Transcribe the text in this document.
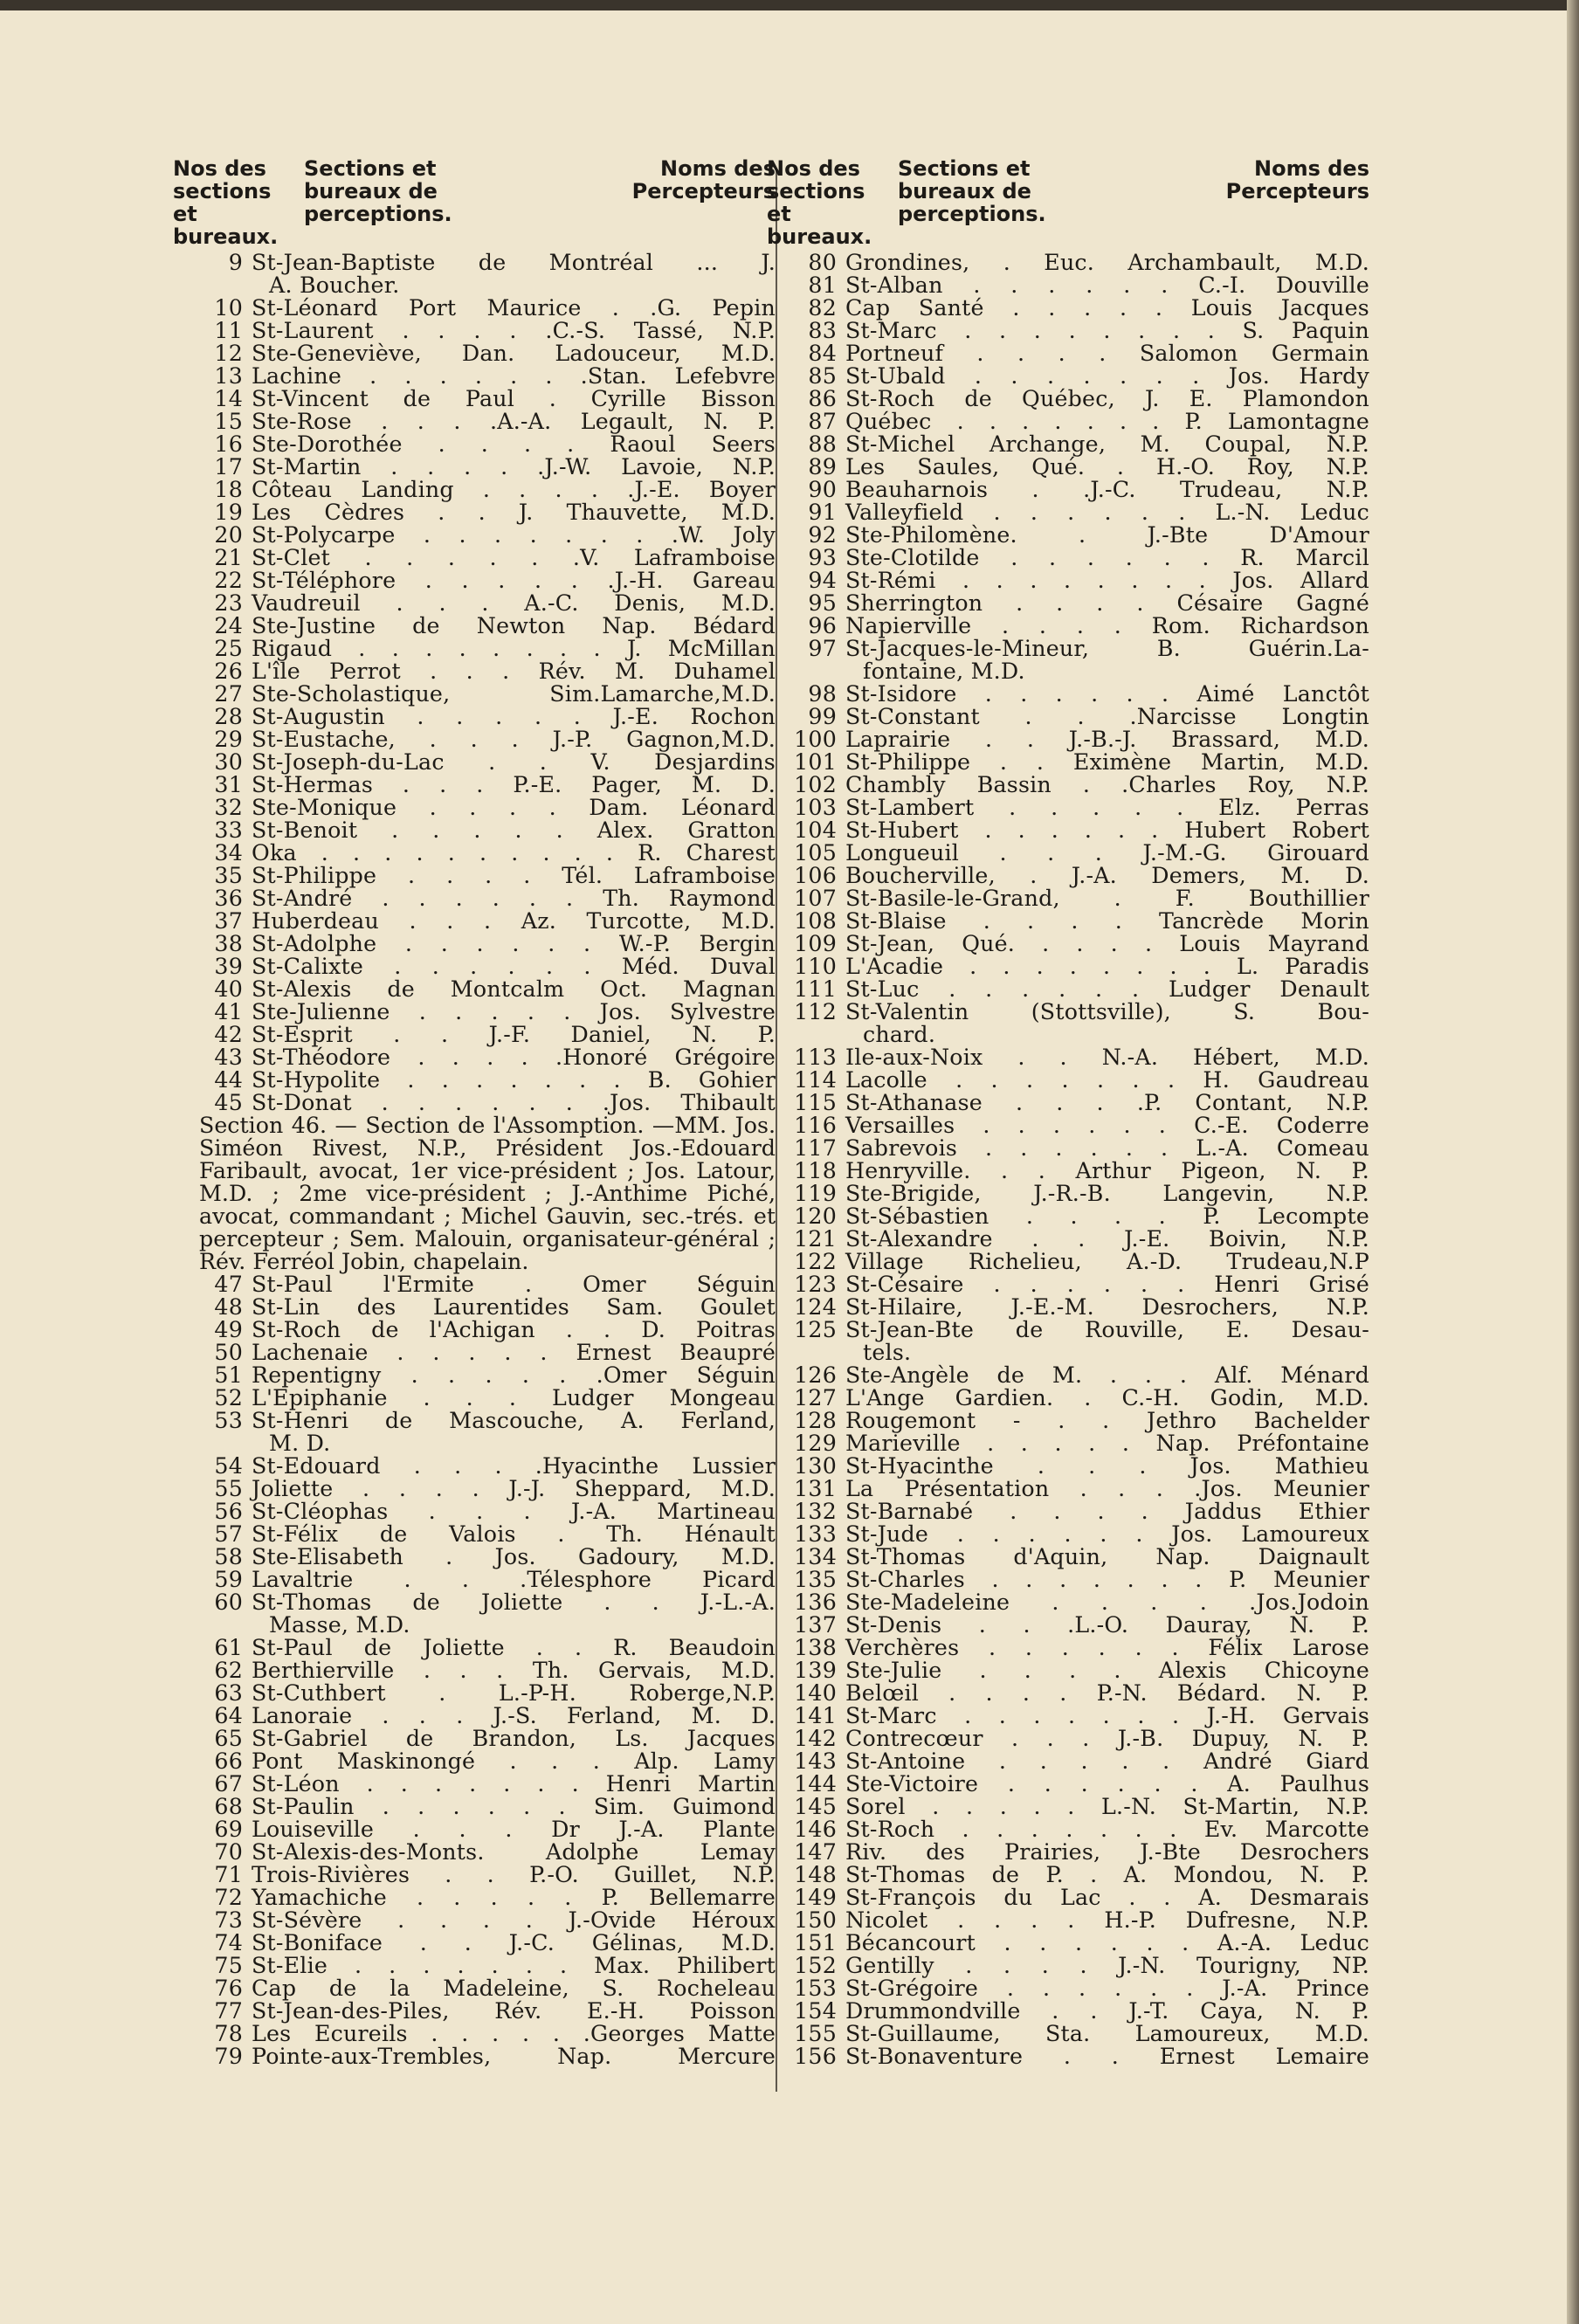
Nos des
sections
et bureaux.
Sections et
bureaux de
perceptions.
Noms des
Percepteurs
9 St-Jean-Baptiste de Montréal ... J.
A. Boucher.
10 St-Léonard Port Maurice . .G. Pepin
11 St-Laurent . . . . .C.-S. Tassé, N.P.
12 Ste-Geneviève, Dan. Ladouceur, M.D.
13 Lachine . . . . . . .Stan. Lefebvre
14 St-Vincent de Paul . Cyrille Bisson
15 Ste-Rose . . . .A.-A. Legault, N. P.
16 Ste-Dorothée . . . . Raoul Seers
17 St-Martin . . . . .J.-W. Lavoie, N.P.
18 Côteau Landing . . . . .J.-E. Boyer
19 Les Cèdres . . J. Thauvette, M.D.
20 St-Polycarpe . . . . . . . .W. Joly
21 St-Clet . . . . . .V. Laframboise
22 St-Téléphore . . . . . .J.-H. Gareau
23 Vaudreuil . . . A.-C. Denis, M.D.
24 Ste-Justine de Newton Nap. Bédard
25 Rigaud . . . . . . . . J. McMillan
26 L'île Perrot . . . Rév. M. Duhamel
27 Ste-Scholastique, Sim.Lamarche,M.D.
28 St-Augustin . . . . . J.-E. Rochon
29 St-Eustache, . . . J.-P. Gagnon,M.D.
30 St-Joseph-du-Lac . . V. Desjardins
31 St-Hermas . . . P.-E. Pager, M. D.
32 Ste-Monique . . . . Dam. Léonard
33 St-Benoit . . . . . Alex. Gratton
34 Oka . . . . . . . . . . R. Charest
35 St-Philippe . . . . Tél. Laframboise
36 St-André . . . . . . Th. Raymond
37 Huberdeau . . . Az. Turcotte, M.D.
38 St-Adolphe . . . . . . W.-P. Bergin
39 St-Calixte . . . . . . Méd. Duval
40 St-Alexis de Montcalm Oct. Magnan
41 Ste-Julienne . . . . . Jos. Sylvestre
42 St-Esprit . . J.-F. Daniel, N. P.
43 St-Théodore . . . . .Honoré Grégoire
44 St-Hypolite . . . . . . . B. Gohier
45 St-Donat . . . . . . .Jos. Thibault
Section 46. — Section de l'Assomption. —MM. Jos. Siméon Rivest, N.P., Président Jos.-Edouard Faribault, avocat, 1er vice-président ; Jos. Latour, M.D. ; 2me vice-président ; J.-Anthime Piché, avocat, commandant ; Michel Gauvin, sec.-trés. et percepteur ; Sem. Malouin, organisateur-général ; Rév. Ferréol Jobin, chapelain.
47 St-Paul l'Ermite . Omer Séguin
48 St-Lin des Laurentides Sam. Goulet
49 St-Roch de l'Achigan . . D. Poitras
50 Lachenaie . . . . . Ernest Beaupré
51 Repentigny . . . . . .Omer Séguin
52 L'Epiphanie . . . Ludger Mongeau
53 St-Henri de Mascouche, A. Ferland,
M. D.
54 St-Edouard . . . .Hyacinthe Lussier
55 Joliette . . . . J.-J. Sheppard, M.D.
56 St-Cléophas . . . J.-A. Martineau
57 St-Félix de Valois . Th. Hénault
58 Ste-Elisabeth . Jos. Gadoury, M.D.
59 Lavaltrie . . .Télesphore Picard
60 St-Thomas de Joliette . . J.-L.-A.
Masse, M.D.
61 St-Paul de Joliette . . R. Beaudoin
62 Berthierville . . . Th. Gervais, M.D.
63 St-Cuthbert . L.-P-H. Roberge,N.P.
64 Lanoraie . . . J.-S. Ferland, M. D.
65 St-Gabriel de Brandon, Ls. Jacques
66 Pont Maskinongé . . . Alp. Lamy
67 St-Léon . . . . . . . Henri Martin
68 St-Paulin . . . . . . Sim. Guimond
69 Louiseville . . . Dr J.-A. Plante
70 St-Alexis-des-Monts. Adolphe Lemay
71 Trois-Rivières . . P.-O. Guillet, N.P.
72 Yamachiche . . . . . P. Bellemarre
73 St-Sévère . . . . J.-Ovide Héroux
74 St-Boniface . . J.-C. Gélinas, M.D.
75 St-Elie . . . . . . . Max. Philibert
76 Cap de la Madeleine, S. Rocheleau
77 St-Jean-des-Piles, Rév. E.-H. Poisson
78 Les Ecureils . . . . . .Georges Matte
79 Pointe-aux-Trembles, Nap. Mercure
Nos des
sections
et bureaux.
Sections et
bureaux de
perceptions.
Noms des
Percepteurs
80 Grondines, . Euc. Archambault, M.D.
81 St-Alban . . . . . . C.-I. Douville
82 Cap Santé . . . . . Louis Jacques
83 St-Marc . . . . . . . . S. Paquin
84 Portneuf . . . . Salomon Germain
85 St-Ubald . . . . . . . Jos. Hardy
86 St-Roch de Québec, J. E. Plamondon
87 Québec . . . . . . . P. Lamontagne
88 St-Michel Archange, M. Coupal, N.P.
89 Les Saules, Qué. . H.-O. Roy, N.P.
90 Beauharnois . .J.-C. Trudeau, N.P.
91 Valleyfield . . . . . . L.-N. Leduc
92 Ste-Philomène. . J.-Bte D'Amour
93 Ste-Clotilde . . . . . . R. Marcil
94 St-Rémi . . . . . . . . Jos. Allard
95 Sherrington . . . . Césaire Gagné
96 Napierville . . . . Rom. Richardson
97 St-Jacques-le-Mineur, B. Guérin.La-
fontaine, M.D.
98 St-Isidore . . . . . . Aimé Lanctôt
99 St-Constant . . .Narcisse Longtin
100 Laprairie . . J.-B.-J. Brassard, M.D.
101 St-Philippe . . Eximène Martin, M.D.
102 Chambly Bassin . .Charles Roy, N.P.
103 St-Lambert . . . . . Elz. Perras
104 St-Hubert . . . . . . Hubert Robert
105 Longueuil . . . J.-M.-G. Girouard
106 Boucherville, . J.-A. Demers, M. D.
107 St-Basile-le-Grand, . F. Bouthillier
108 St-Blaise . . . . Tancrède Morin
109 St-Jean, Qué. . . . . Louis Mayrand
110 L'Acadie . . . . . . . . L. Paradis
111 St-Luc . . . . . . Ludger Denault
112 St-Valentin (Stottsville), S. Bou-
chard.
113 Ile-aux-Noix . . N.-A. Hébert, M.D.
114 Lacolle . . . . . . . H. Gaudreau
115 St-Athanase . . . .P. Contant, N.P.
116 Versailles . . . . . . C.-E. Coderre
117 Sabrevois . . . . . . L.-A. Comeau
118 Henryville. . . Arthur Pigeon, N. P.
119 Ste-Brigide, J.-R.-B. Langevin, N.P.
120 St-Sébastien . . . . P. Lecompte
121 St-Alexandre . . J.-E. Boivin, N.P.
122 Village Richelieu, A.-D. Trudeau,N.P
123 St-Césaire . . . . . . Henri Grisé
124 St-Hilaire, J.-E.-M. Desrochers, N.P.
125 St-Jean-Bte de Rouville, E. Desau-
tels.
126 Ste-Angèle de M. . . . Alf. Ménard
127 L'Ange Gardien. . C.-H. Godin, M.D.
128 Rougemont - . . Jethro Bachelder
129 Marieville . . . . . Nap. Préfontaine
130 St-Hyacinthe . . . Jos. Mathieu
131 La Présentation . . . .Jos. Meunier
132 St-Barnabé . . . . Jaddus Ethier
133 St-Jude . . . . . . Jos. Lamoureux
134 St-Thomas d'Aquin, Nap. Daignault
135 St-Charles . . . . . . . P. Meunier
136 Ste-Madeleine . . . . .Jos.Jodoin
137 St-Denis . . .L.-O. Dauray, N. P.
138 Verchères . . . . . . Félix Larose
139 Ste-Julie . . . . Alexis Chicoyne
140 Belœil . . . . P.-N. Bédard. N. P.
141 St-Marc . . . . . . . J.-H. Gervais
142 Contrecœur . . . J.-B. Dupuy, N. P.
143 St-Antoine . . . . . André Giard
144 Ste-Victoire . . . . . . A. Paulhus
145 Sorel . . . . . L.-N. St-Martin, N.P.
146 St-Roch . . . . . . . Ev. Marcotte
147 Riv. des Prairies, J.-Bte Desrochers
148 St-Thomas de P. . A. Mondou, N. P.
149 St-François du Lac . . A. Desmarais
150 Nicolet . . . . H.-P. Dufresne, N.P.
151 Bécancourt . . . . . . A.-A. Leduc
152 Gentilly . . . . J.-N. Tourigny, NP.
153 St-Grégoire . . . . . . J.-A. Prince
154 Drummondville . . J.-T. Caya, N. P.
155 St-Guillaume, Sta. Lamoureux, M.D.
156 St-Bonaventure . . Ernest Lemaire
